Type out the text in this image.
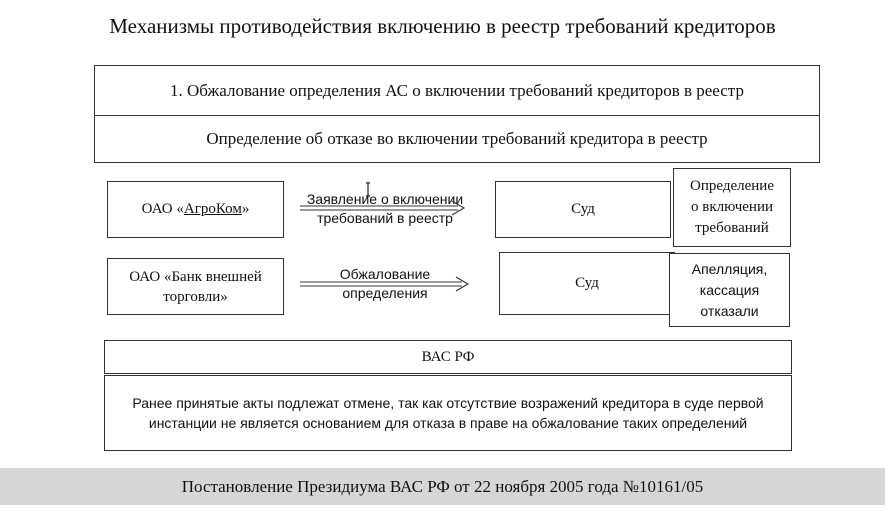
Механизмы противодействия включению в реестр требований кредиторов
1. Обжалование определения АС о включении требований кредиторов в реестр
Определение об отказе во включении требований кредитора в реестр
ОАО «АгроКом»
ОАО «Банк внешней
торговли»
Заявление о включении
требований в реестр
Обжалование
определения
Суд
Суд
Определение
о включении
требований
Апелляция,
кассация
отказали
ВАС РФ
Ранее принятые акты подлежат отмене, так как отсутствие возражений кредитора в суде первой инстанции не является основанием для отказа в праве на обжалование таких определений
Постановление Президиума ВАС РФ от 22 ноября 2005 года №10161/05
